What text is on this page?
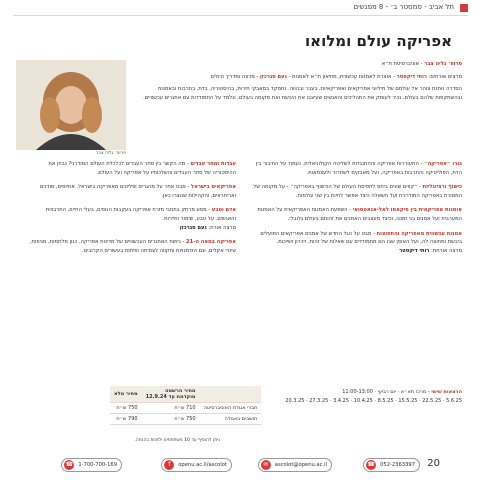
תל אביב - סמסטר ב׳ - 8 מפגשים
אפריקה עולם ומלואו
פרופ׳ גליה צבר

פרופ׳ גליה צבר - אוניברסיטת ת״א

מרצים אורחים: רותי דיקסטר - אוצרת לאמנות עכשווית, מוזיאון ת״א לאמנות - נעם סגרכזן - מרצה ומדריך טיולים

הסדרה נותנת צוהר אל עולמם של מיליוני אפריקאים ואפריקאיות, בעבר ובהווה. נתמקד במאבקי חירות, בהיסטוריה, בדת, בתרבות ובאמנות ובהשתקפות שלהם בעולם. נכיר לעומק את התהליכים והאנשים שעיצבו את היבשת ואת מקומה בעולם, ונלמד על התמודדות עם אתגרים עכשוויים.

נגרו ״אפריקה״ - התעוררות אפריקה וההתנגדות לשליטה הקולוניאלית. נעמוד על החיבור בין הדת, הפוליטיקה והתרבות באפריקה, ועל מאבקים לשחרור ולעצמאות.

כישוף ורציונליות - ״קווים שונים ביחס לתפיסת העולם של הכישוף באפריקה״ - על מקומה של המסורת באפריקה המודרנית ועל השאלה כיצד אפשר לחיות בין שני עולמות.

אומנות אפריקאית בין פיקאסו לאל-אנאטסואי - השפעת האמנות האפריקאית על האמנות המערבית ועל אמנים בני זמננו, וכיצד מעצבים האמנים את זהותם בעולם גלובלי.

אמנות עכשווית מאפריקה והתפוצות - מבט על הגל החדש של אמנים אפריקאים הפועלים ביבשת ומחוצה לה, ועל האופן שבו הם מתמודדים עם שאלות של זהות, זיכרון ושייכות.
מרצה אורחת: רותי דיקסטר

עבדות ומחר עבדים - מה הקשר בין סחר העבדים לכלכלת העולם המודרני? נבחן את ההיסטוריה של סחר העבדים והשלכותיו על אפריקה ועל העולם.

אפריקאים בישראל - מבט אחר על מהגרים ופליטים מאפריקה בישראל, אתיופים, סודנים ואריתראים, והקהילות שנוצרו כאן.

אדם וטבע - מסע מרתק בתחבי מזרח אפריקה בעקבות הנופים, בעלי החיים, התרבויות והאנשים. על טבע, שימור ותיירות.
מרצה אורח: נעם סגרכזן

אפריקה במאה ה-21 - ניתוח האתגרים העכשוויים של מדינות אפריקה, כגון מלחמות, מגיפות, שינויי אקלים, וגם הזדמנויות ותקווה לצמיחה ופיתוח בעשורים הקרובים.

הרצאות שישי - מרכז תא״א · יום רביעי · 11:00-13:00
5.6.25 · 22.5.25 · 15.5.25 · 8.5.25 · 10.4.25 · 3.4.25 · 27.3.25 · 20.3.25
	מחיר הרשמה מוקדמת עד 12.9.24	מחיר מלא
חברי אגודת האוניברסיטה	710 ש״ח	750 ש״ח
תושבים באגודה	750 ש״ח	790 ש״ח
ניתן להוסיף עד 10 משתתפים ולזכות בהנחה.
20
☎ 052-2363397
✉	ascolot@openu.ac.il
f	openu.ac.il/ascolot
☎ 1-700-700-169
